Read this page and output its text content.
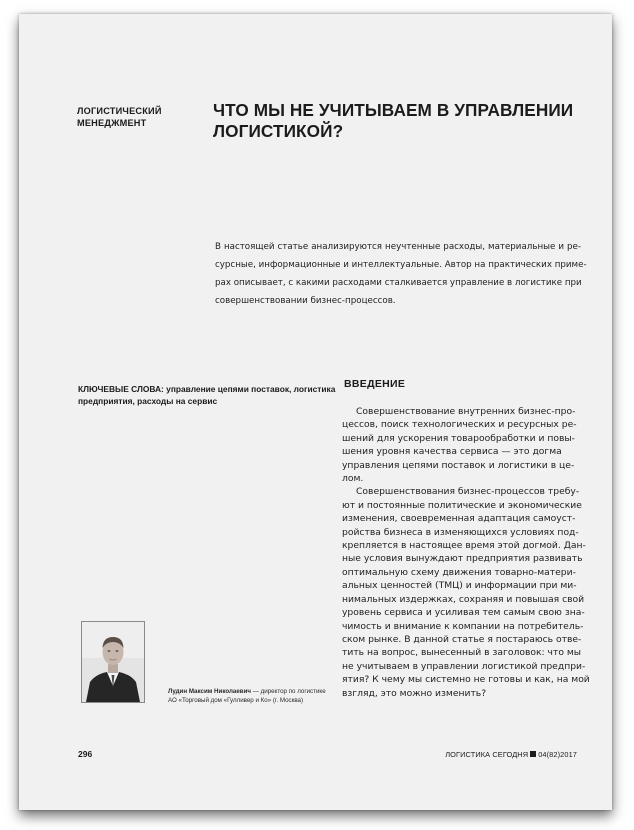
ЛОГИСТИЧЕСКИЙ
МЕНЕДЖМЕНТ
ЧТО МЫ НЕ УЧИТЫВАЕМ В УПРАВЛЕНИИ
ЛОГИСТИКОЙ?
В настоящей статье анализируются неучтенные расходы, материальные и ре-
сурсные, информационные и интеллектуальные. Автор на практических приме-
рах описывает, с какими расходами сталкивается управление в логистике при
совершенствовании бизнес-процессов.
КЛЮЧЕВЫЕ СЛОВА: управление цепями поставок, логистика
предприятия, расходы на сервис
ВВЕДЕНИЕ
Совершенствование внутренних бизнес-про-
цессов, поиск технологических и ресурсных ре-
шений для ускорения товарообработки и повы-
шения уровня качества сервиса — это догма
управления цепями поставок и логистики в це-
лом.
Совершенствования бизнес-процессов требу-
ют и постоянные политические и экономические
изменения, своевременная адаптация самоуст-
ройства бизнеса в изменяющихся условиях под-
крепляется в настоящее время этой догмой. Дан-
ные условия вынуждают предприятия развивать
оптимальную схему движения товарно-матери-
альных ценностей (ТМЦ) и информации при ми-
нимальных издержках, сохраняя и повышая свой
уровень сервиса и усиливая тем самым свою зна-
чимость и внимание к компании на потребитель-
ском рынке. В данной статье я постараюсь отве-
тить на вопрос, вынесенный в заголовок: что мы
не учитываем в управлении логистикой предпри-
ятия? К чему мы системно не готовы и как, на мой
взгляд, это можно изменить?
Лудин Максим Николаевич — директор по логистике
АО «Торговый дом «Гулливер и Ко» (г. Москва)
296	ЛОГИСТИКА СЕГОДНЯ 04(82)2017
